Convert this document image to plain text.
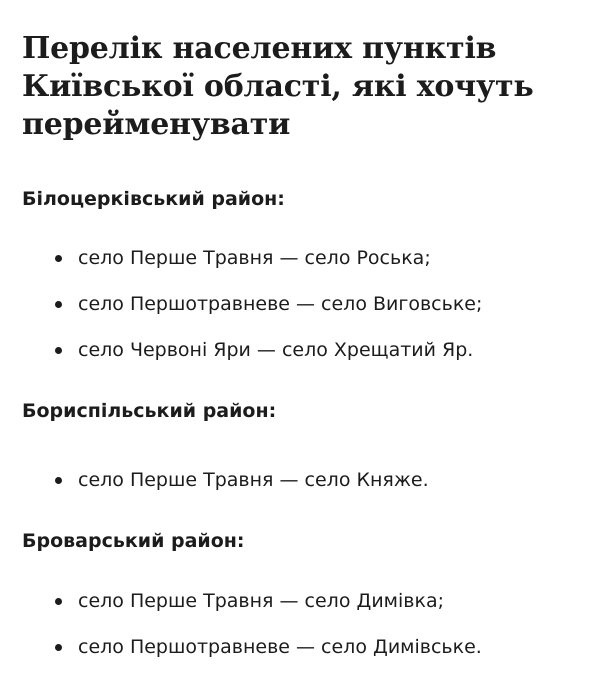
Перелік населених пунктів Київської області, які хочуть перейменувати

Білоцерківський район:

село Перше Травня — село Роська;
село Першотравневе — село Виговське;
село Червоні Яри — село Хрещатий Яр.

Бориспільський район:

село Перше Травня — село Княже.

Броварський район:

село Перше Травня — село Димівка;
село Першотравневе — село Димівське.
